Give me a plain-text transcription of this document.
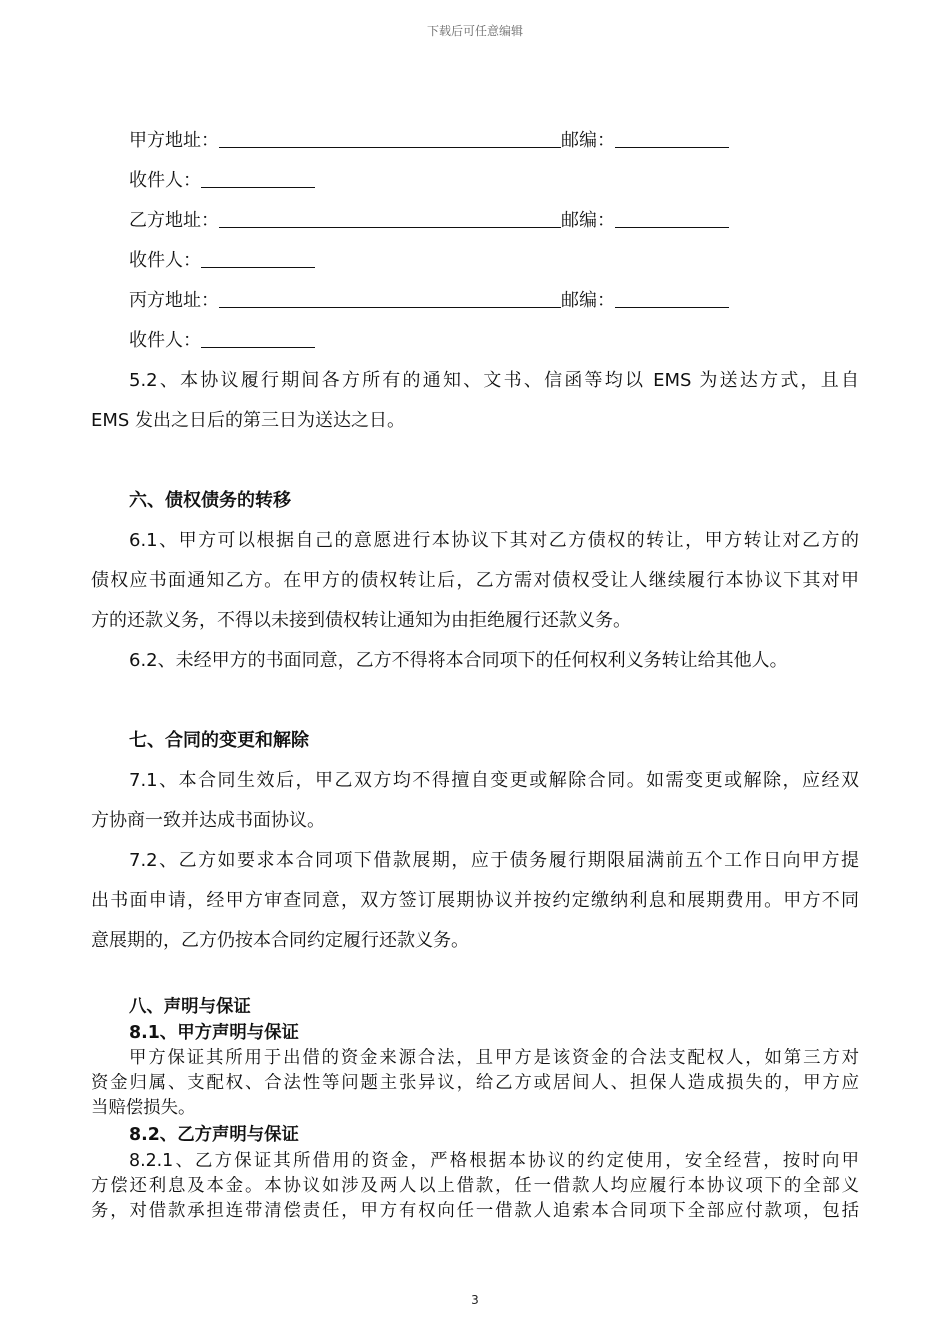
下载后可任意编辑
甲方地址：	邮编：
收件人：
乙方地址：	邮编：
收件人：
丙方地址：	邮编：
收件人：
5.2、本协议履行期间各方所有的通知、文书、信函等均以 EMS 为送达方式，且自
EMS 发出之日后的第三日为送达之日。
六、债权债务的转移
6.1、甲方可以根据自己的意愿进行本协议下其对乙方债权的转让，甲方转让对乙方的
债权应书面通知乙方。在甲方的债权转让后，乙方需对债权受让人继续履行本协议下其对甲
方的还款义务，不得以未接到债权转让通知为由拒绝履行还款义务。
6.2、未经甲方的书面同意，乙方不得将本合同项下的任何权利义务转让给其他人。
七、合同的变更和解除
7.1、本合同生效后，甲乙双方均不得擅自变更或解除合同。如需变更或解除，应经双
方协商一致并达成书面协议。
7.2、乙方如要求本合同项下借款展期，应于债务履行期限届满前五个工作日向甲方提
出书面申请，经甲方审查同意，双方签订展期协议并按约定缴纳利息和展期费用。甲方不同
意展期的，乙方仍按本合同约定履行还款义务。
八、声明与保证
8.1、甲方声明与保证
甲方保证其所用于出借的资金来源合法，且甲方是该资金的合法支配权人，如第三方对
资金归属、支配权、合法性等问题主张异议，给乙方或居间人、担保人造成损失的，甲方应
当赔偿损失。
8.2、乙方声明与保证
8.2.1、乙方保证其所借用的资金，严格根据本协议的约定使用，安全经营，按时向甲
方偿还利息及本金。本协议如涉及两人以上借款，任一借款人均应履行本协议项下的全部义
务，对借款承担连带清偿责任，甲方有权向任一借款人追索本合同项下全部应付款项，包括
3
